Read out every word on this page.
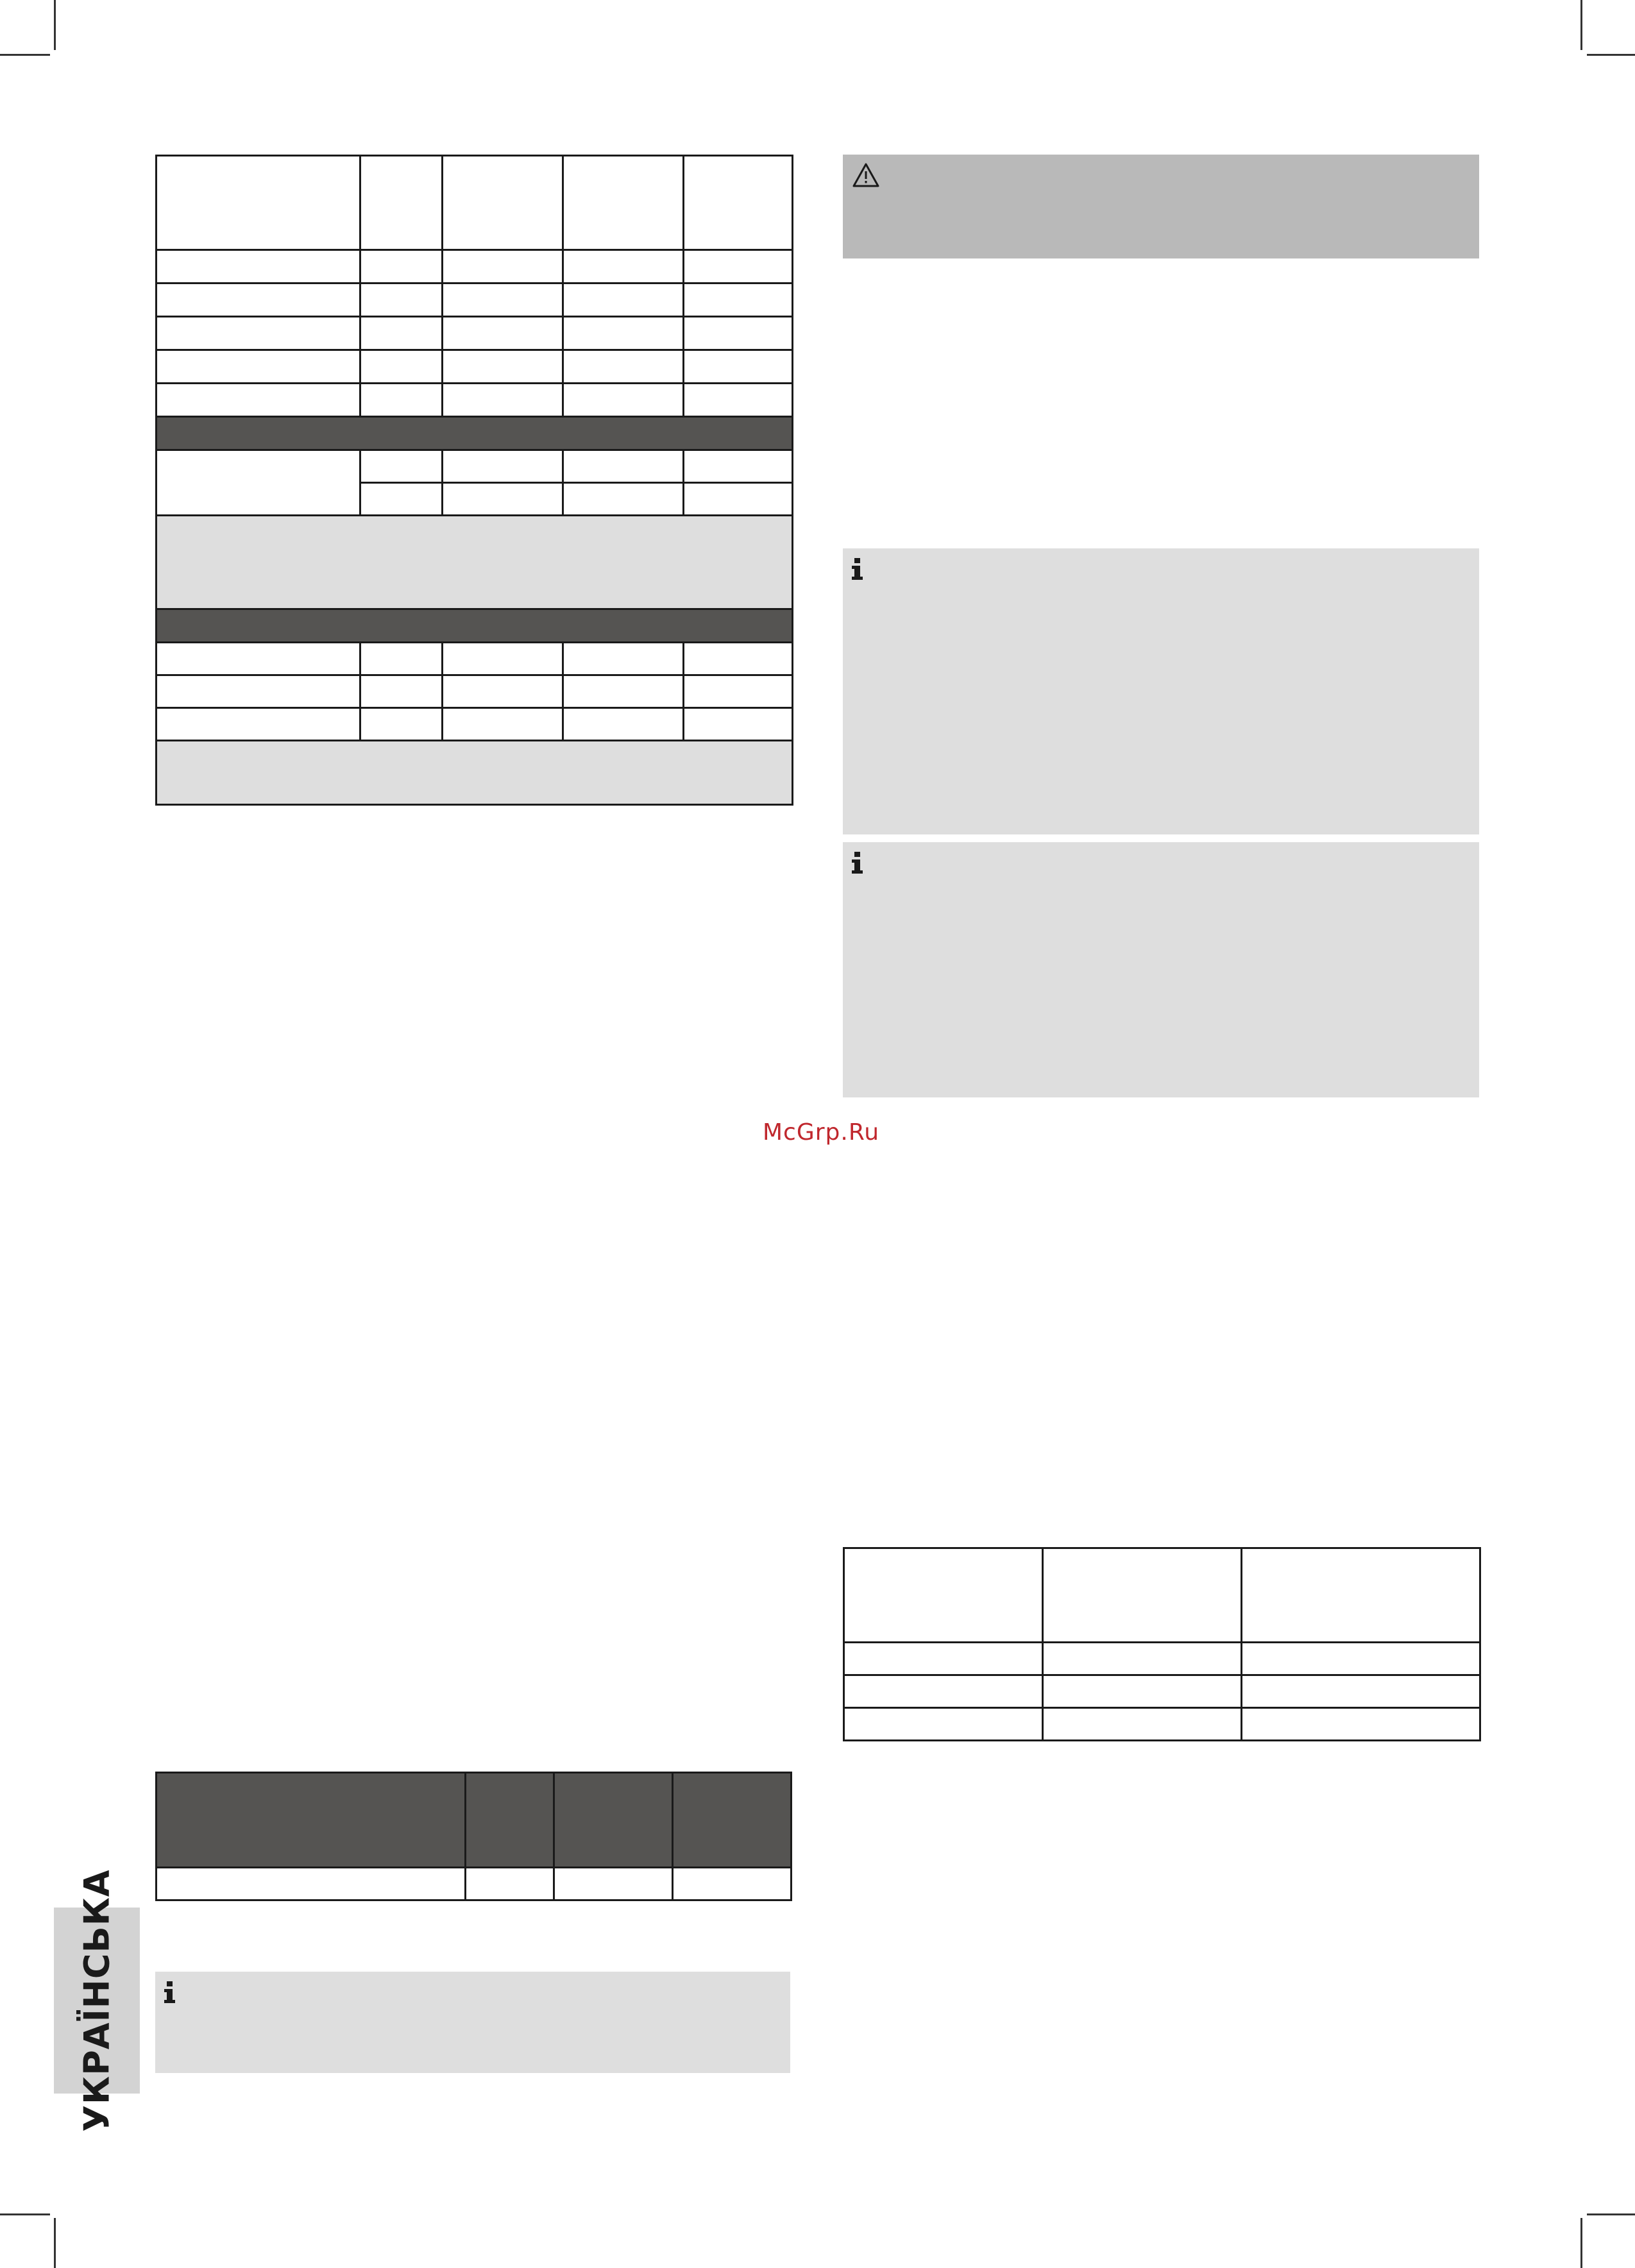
McGrp.Ru

УКРАЇНСЬКА
